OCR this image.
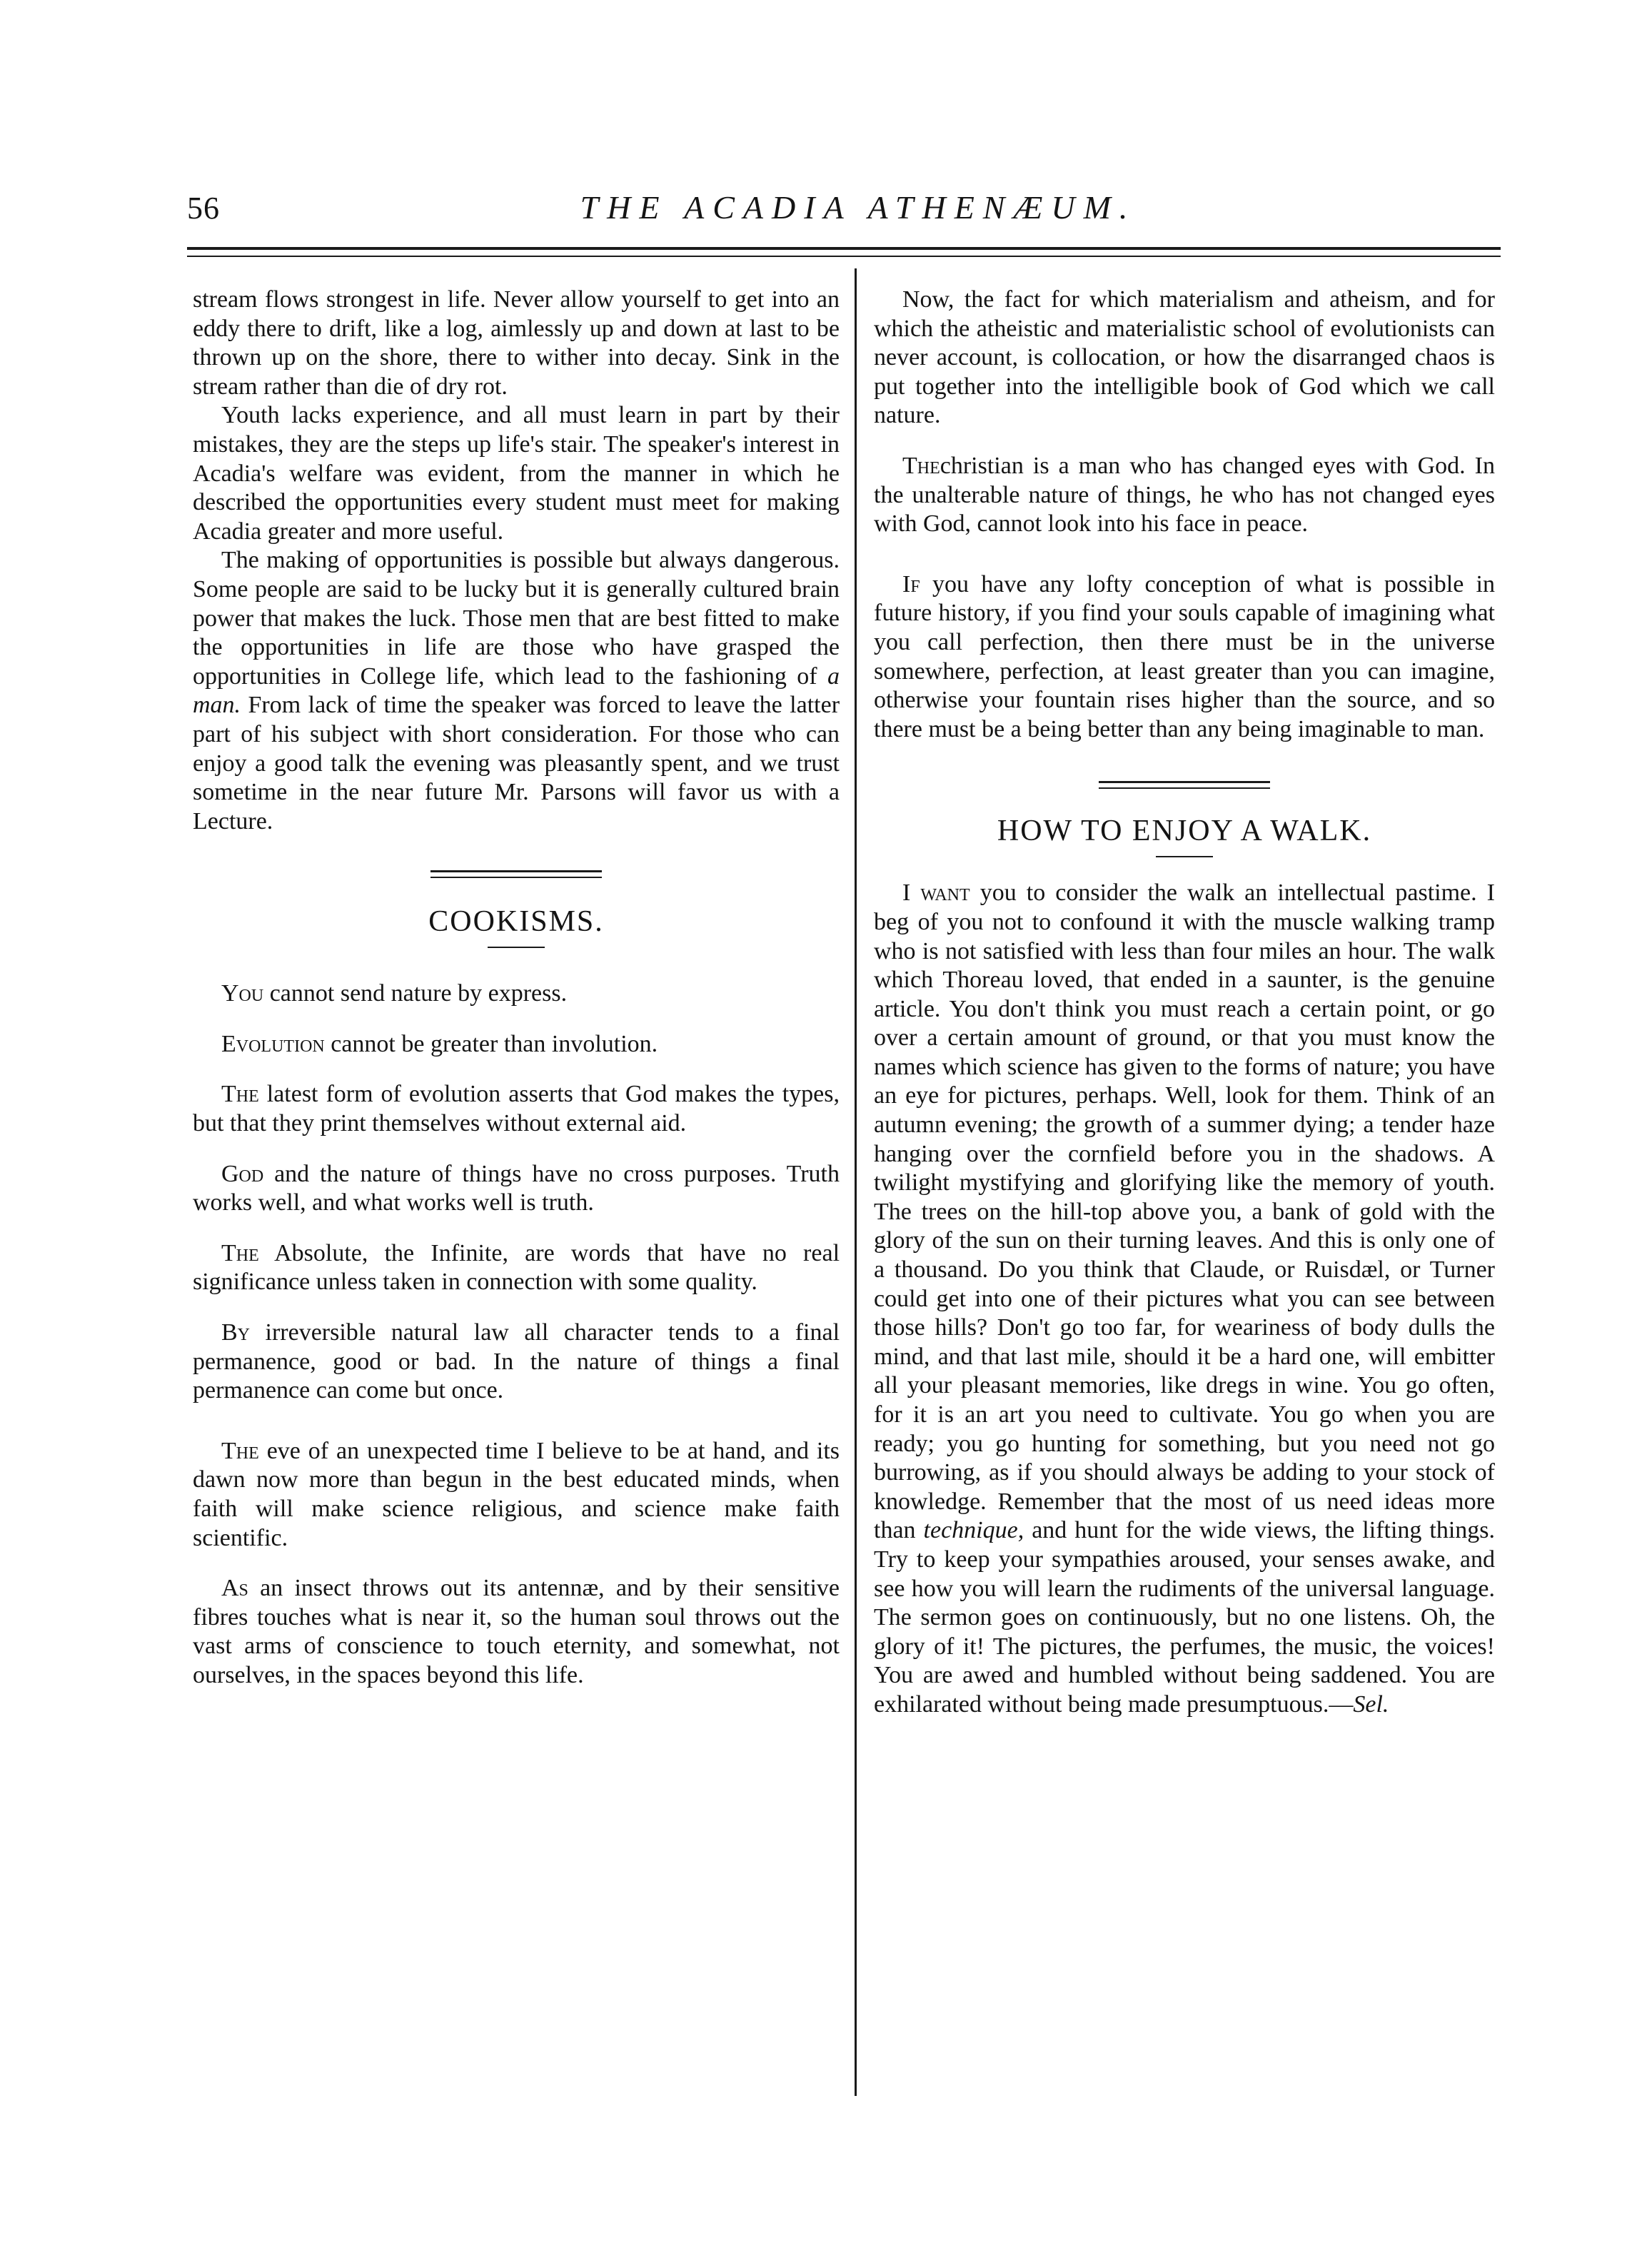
56	THE ACADIA ATHENÆUM.

stream flows strongest in life. Never allow yourself to get into an eddy there to drift, like a log, aimlessly up and down at last to be thrown up on the shore, there to wither into decay. Sink in the stream rather than die of dry rot.

Youth lacks experience, and all must learn in part by their mistakes, they are the steps up life's stair. The speaker's interest in Acadia's welfare was evident, from the manner in which he described the opportunities every student must meet for making Acadia greater and more useful.

The making of opportunities is possible but always dangerous. Some people are said to be lucky but it is generally cultured brain power that makes the luck. Those men that are best fitted to make the opportunities in life are those who have grasped the opportunities in College life, which lead to the fashioning of a man. From lack of time the speaker was forced to leave the latter part of his subject with short consideration. For those who can enjoy a good talk the evening was pleasantly spent, and we trust sometime in the near future Mr. Parsons will favor us with a Lecture.

COOKISMS.

You cannot send nature by express.

Evolution cannot be greater than involution.

The latest form of evolution asserts that God makes the types, but that they print themselves without external aid.

God and the nature of things have no cross purposes. Truth works well, and what works well is truth.

The Absolute, the Infinite, are words that have no real significance unless taken in connection with some quality.

By irreversible natural law all character tends to a final permanence, good or bad. In the nature of things a final permanence can come but once.

The eve of an unexpected time I believe to be at hand, and its dawn now more than begun in the best educated minds, when faith will make science religious, and science make faith scientific.

As an insect throws out its antennæ, and by their sensitive fibres touches what is near it, so the human soul throws out the vast arms of conscience to touch eternity, and somewhat, not ourselves, in the spaces beyond this life.

Now, the fact for which materialism and atheism, and for which the atheistic and materialistic school of evolutionists can never account, is collocation, or how the disarranged chaos is put together into the intelligible book of God which we call nature.

Thechristian is a man who has changed eyes with God. In the unalterable nature of things, he who has not changed eyes with God, cannot look into his face in peace.

If you have any lofty conception of what is possible in future history, if you find your souls capable of imagining what you call perfection, then there must be in the universe somewhere, perfection, at least greater than you can imagine, otherwise your fountain rises higher than the source, and so there must be a being better than any being imaginable to man.

HOW TO ENJOY A WALK.

I want you to consider the walk an intellectual pastime. I beg of you not to confound it with the muscle walking tramp who is not satisfied with less than four miles an hour. The walk which Thoreau loved, that ended in a saunter, is the genuine article. You don't think you must reach a certain point, or go over a certain amount of ground, or that you must know the names which science has given to the forms of nature; you have an eye for pictures, perhaps. Well, look for them. Think of an autumn evening; the growth of a summer dying; a tender haze hanging over the cornfield before you in the shadows. A twilight mystifying and glorifying like the memory of youth. The trees on the hill-top above you, a bank of gold with the glory of the sun on their turning leaves. And this is only one of a thousand. Do you think that Claude, or Ruisdæl, or Turner could get into one of their pictures what you can see between those hills? Don't go too far, for weariness of body dulls the mind, and that last mile, should it be a hard one, will embitter all your pleasant memories, like dregs in wine. You go often, for it is an art you need to cultivate. You go when you are ready; you go hunting for something, but you need not go burrowing, as if you should always be adding to your stock of knowledge. Remember that the most of us need ideas more than technique, and hunt for the wide views, the lifting things. Try to keep your sympathies aroused, your senses awake, and see how you will learn the rudiments of the universal language. The sermon goes on continuously, but no one listens. Oh, the glory of it! The pictures, the perfumes, the music, the voices! You are awed and humbled without being saddened. You are exhilarated without being made presumptuous.—Sel.
